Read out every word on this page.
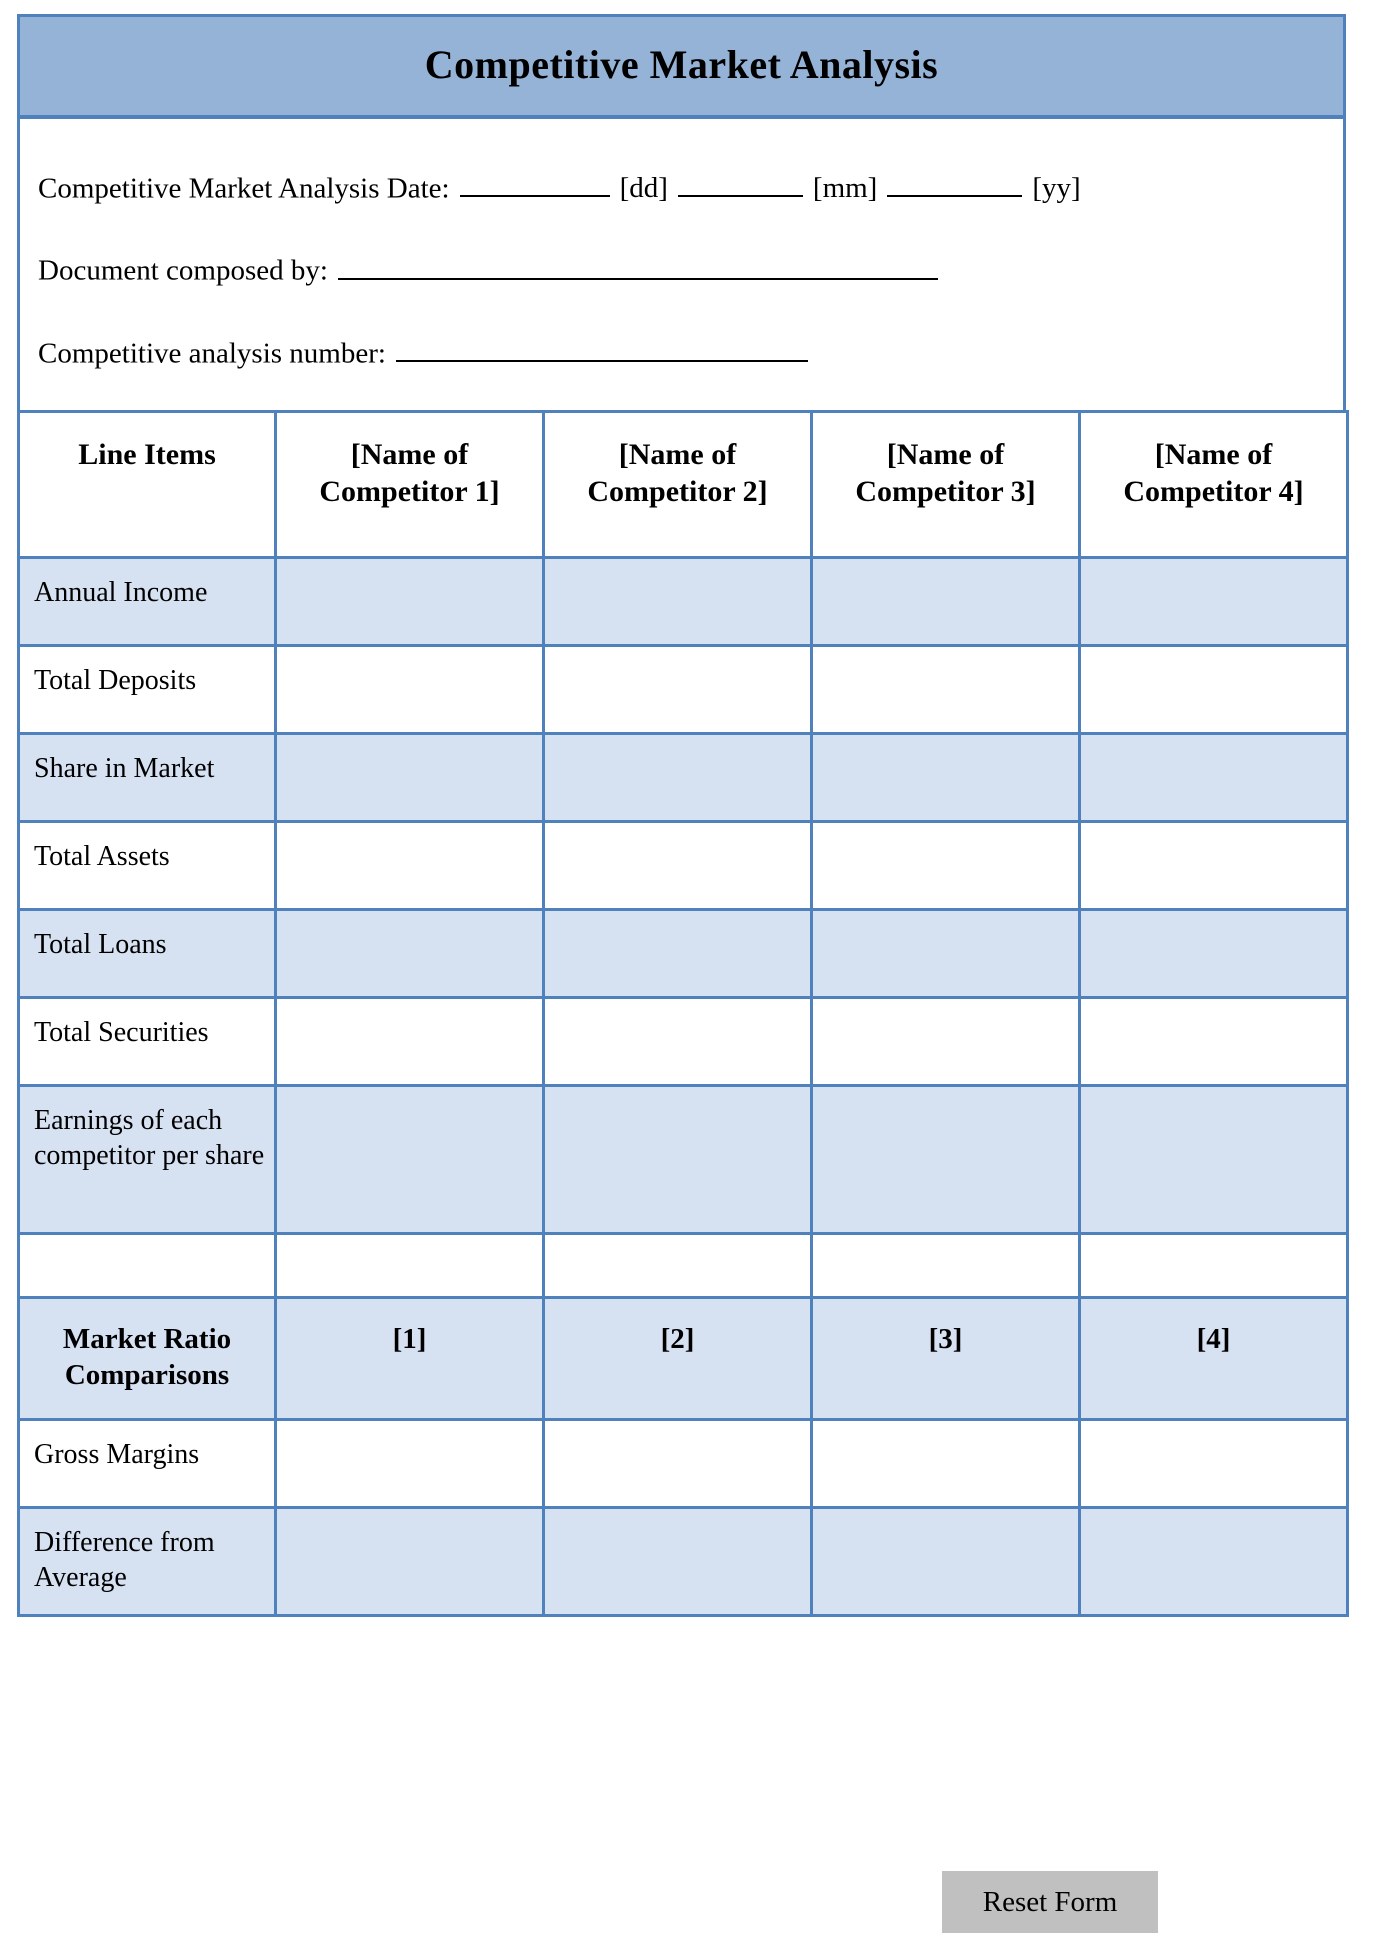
Competitive Market Analysis
Competitive Market Analysis Date:	[dd]	[mm]	[yy]
Document composed by:
Competitive analysis number:
Line Items	[Name of Competitor 1]	[Name of Competitor 2]	[Name of Competitor 3]	[Name of Competitor 4]
Annual Income				
Total Deposits				
Share in Market				
Total Assets				
Total Loans				
Total Securities				
Earnings of each competitor per share				

Market Ratio Comparisons	[1]	[2]	[3]	[4]
Gross Margins				
Difference from Average				
Reset Form
